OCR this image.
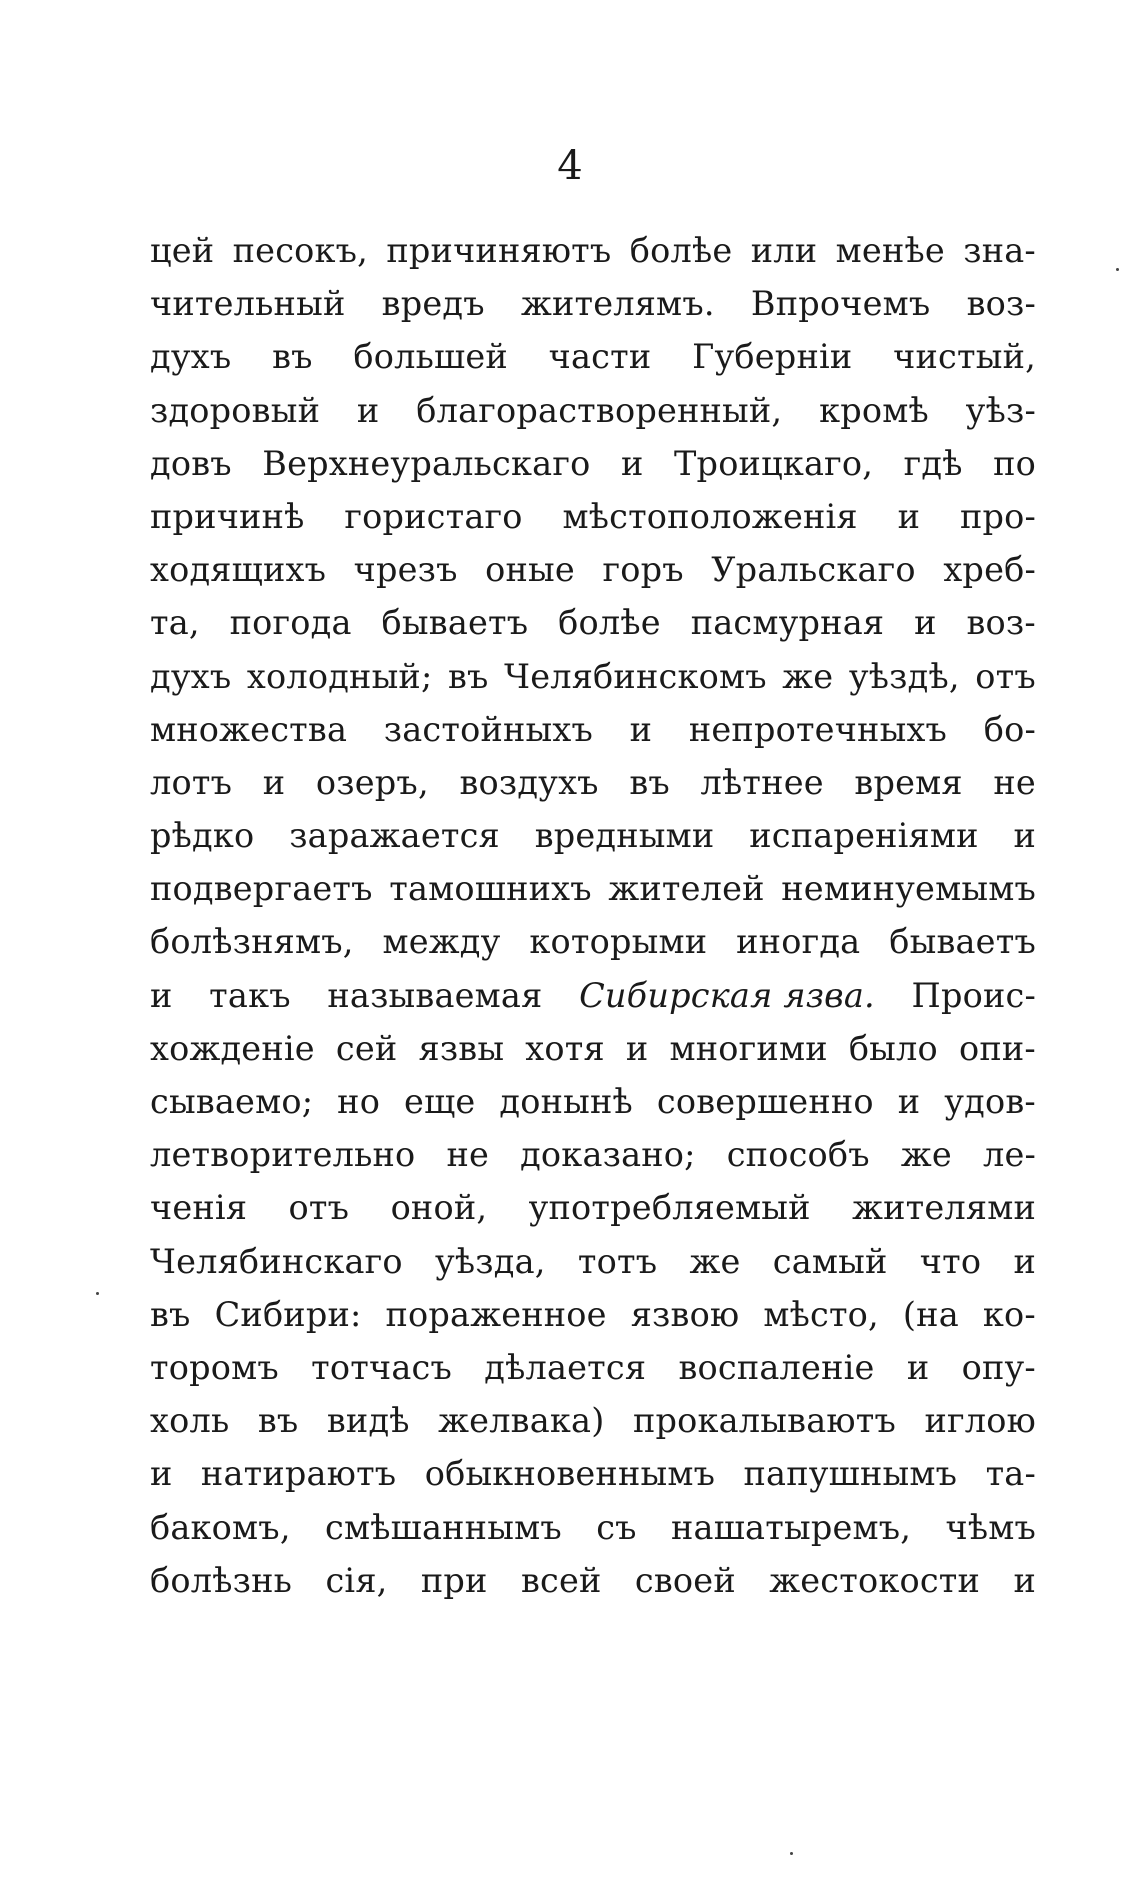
4
цей песокъ, причиняютъ болѣе или менѣе зна-
чительный вредъ жителямъ. Впрочемъ воз-
духъ въ большей части Губерніи чистый,
здоровый и благорастворенный, кромѣ уѣз-
довъ Верхнеуральскаго и Троицкаго, гдѣ по
причинѣ гористаго мѣстоположенія и про-
ходящихъ чрезъ оные горъ Уральскаго хреб-
та, погода бываетъ болѣе пасмурная и воз-
духъ холодный; въ Челябинскомъ же уѣздѣ, отъ
множества застойныхъ и непротечныхъ бо-
лотъ и озеръ, воздухъ въ лѣтнее время не
рѣдко заражается вредными испареніями и
подвергаетъ тамошнихъ жителей неминуемымъ
болѣзнямъ, между которыми иногда бываетъ
и такъ называемая Сибирская язва. Проис-
хожденіе сей язвы хотя и многими было опи-
сываемо; но еще донынѣ совершенно и удов-
летворительно не доказано; способъ же ле-
ченія отъ оной, употребляемый жителями
Челябинскаго уѣзда, тотъ же самый что и
въ Сибири: пораженное язвою мѣсто, (на ко-
торомъ тотчасъ дѣлается воспаленіе и опу-
холь въ видѣ желвака) прокалываютъ иглою
и натираютъ обыкновеннымъ папушнымъ та-
бакомъ, смѣшаннымъ съ нашатыремъ, чѣмъ
болѣзнь сія, при всей своей жестокости и
